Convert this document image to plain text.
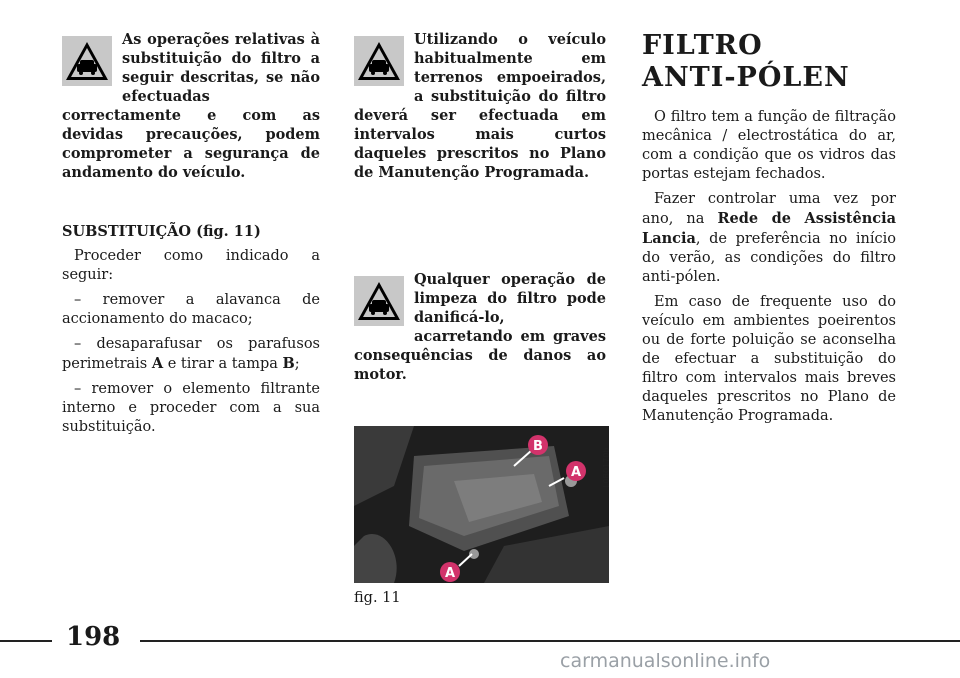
As operações relativas à substituição do filtro a seguir descritas, se não efectuadas correctamente e com as devidas precauções, podem comprometer a segurança de andamento do veículo.

SUBSTITUIÇÃO (fig. 11)

Proceder como indicado a seguir:

– remover a alavanca de accionamento do macaco;

– desaparafusar os parafusos perimetrais A e tirar a tampa B;

– remover o elemento filtrante interno e proceder com a sua substituição.

Utilizando o veículo habitualmente em terrenos empoeirados, a substituição do filtro deverá ser efectuada em intervalos mais curtos daqueles prescritos no Plano de Manutenção Programada.

Qualquer operação de limpeza do filtro pode danificá-lo, acarretando em graves consequências de danos ao motor.

B
A
A
L0B0170b
fig. 11
FILTRO
ANTI-PÓLEN

O filtro tem a função de filtração mecânica / electrostática do ar, com a condição que os vidros das portas estejam fechados.

Fazer controlar uma vez por ano, na Rede de Assistência Lancia, de preferência no início do verão, as condições do filtro anti-pólen.

Em caso de frequente uso do veículo em ambientes poeirentos ou de forte poluição se aconselha de efectuar a substituição do filtro com intervalos mais breves daqueles prescritos no Plano de Manutenção Programada.

198
carmanualsonline.info
